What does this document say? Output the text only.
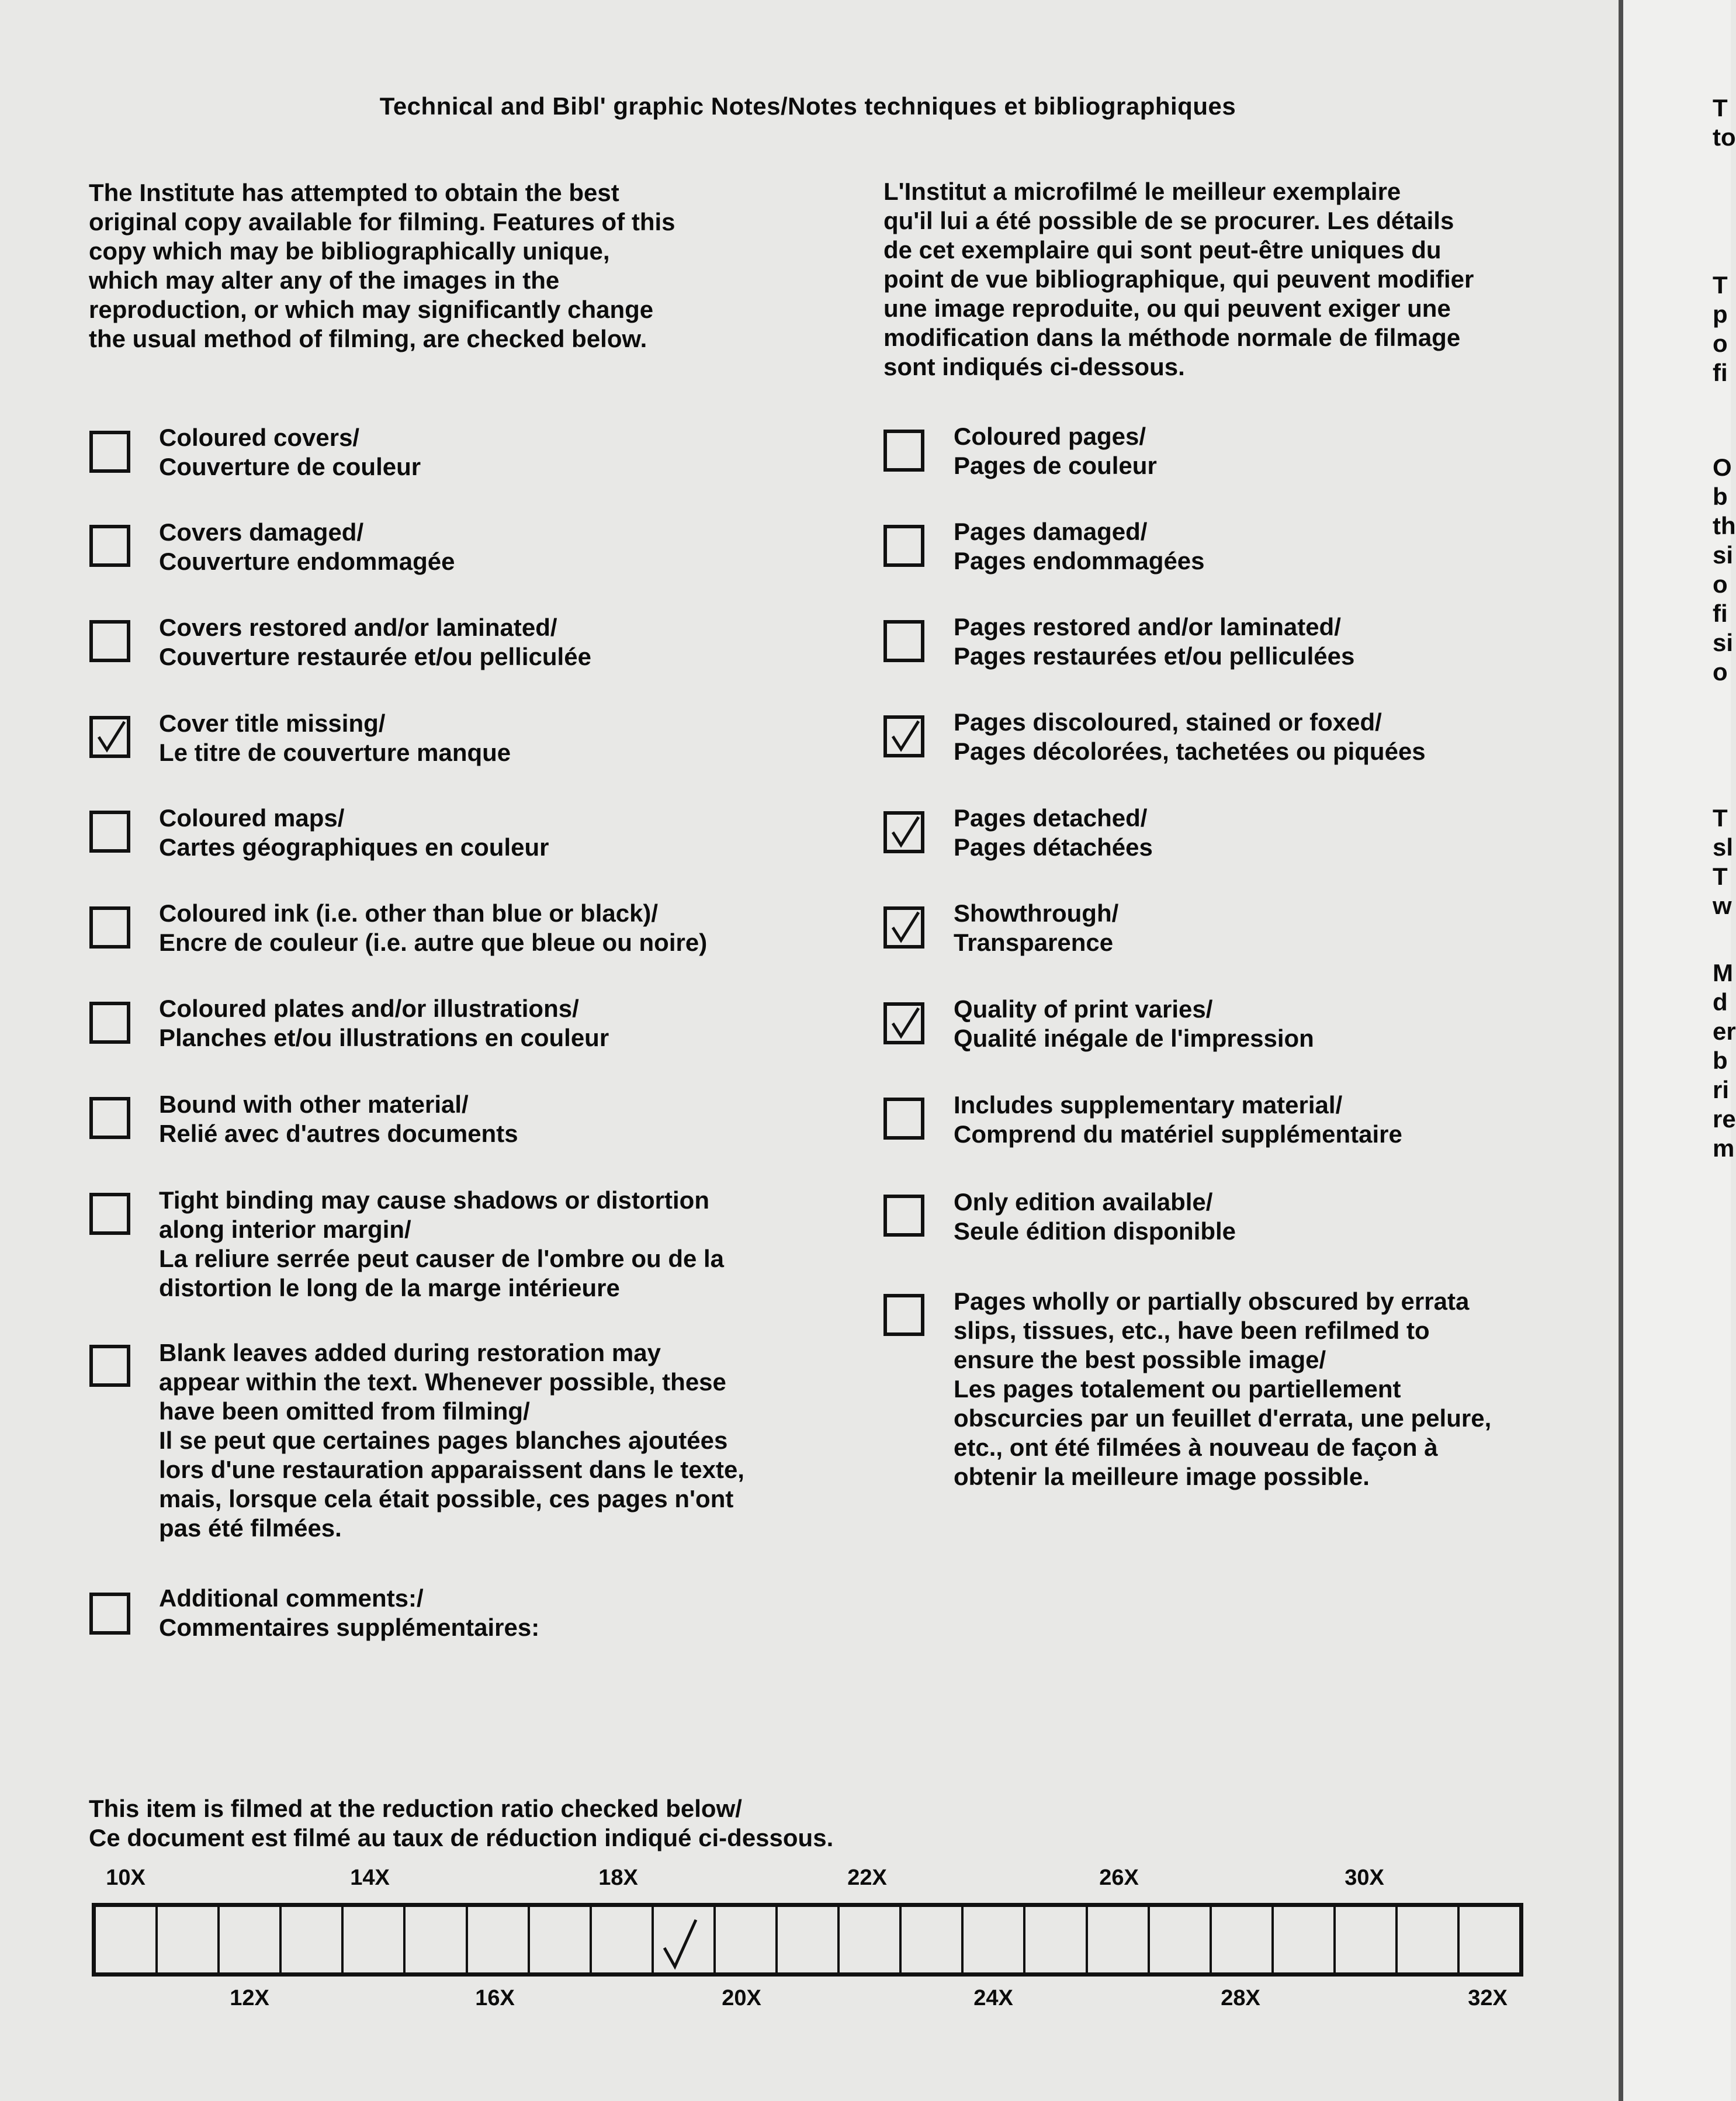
Technical and Bibl' graphic Notes/Notes techniques et bibliographiques
The Institute has attempted to obtain the best
original copy available for filming. Features of this
copy which may be bibliographically unique,
which may alter any of the images in the
reproduction, or which may significantly change
the usual method of filming, are checked below.
L'Institut a microfilmé le meilleur exemplaire
qu'il lui a été possible de se procurer. Les détails
de cet exemplaire qui sont peut-être uniques du
point de vue bibliographique, qui peuvent modifier
une image reproduite, ou qui peuvent exiger une
modification dans la méthode normale de filmage
sont indiqués ci-dessous.
Coloured covers/
Couverture de couleur
Covers damaged/
Couverture endommagée
Covers restored and/or laminated/
Couverture restaurée et/ou pelliculée
Cover title missing/
Le titre de couverture manque
Coloured maps/
Cartes géographiques en couleur
Coloured ink (i.e. other than blue or black)/
Encre de couleur (i.e. autre que bleue ou noire)
Coloured plates and/or illustrations/
Planches et/ou illustrations en couleur
Bound with other material/
Relié avec d'autres documents
Tight binding may cause shadows or distortion
along interior margin/
La reliure serrée peut causer de l'ombre ou de la
distortion le long de la marge intérieure
Blank leaves added during restoration may
appear within the text. Whenever possible, these
have been omitted from filming/
Il se peut que certaines pages blanches ajoutées
lors d'une restauration apparaissent dans le texte,
mais, lorsque cela était possible, ces pages n'ont
pas été filmées.
Additional comments:/
Commentaires supplémentaires:
Coloured pages/
Pages de couleur
Pages damaged/
Pages endommagées
Pages restored and/or laminated/
Pages restaurées et/ou pelliculées
Pages discoloured, stained or foxed/
Pages décolorées, tachetées ou piquées
Pages detached/
Pages détachées
Showthrough/
Transparence
Quality of print varies/
Qualité inégale de l'impression
Includes supplementary material/
Comprend du matériel supplémentaire
Only edition available/
Seule édition disponible
Pages wholly or partially obscured by errata
slips, tissues, etc., have been refilmed to
ensure the best possible image/
Les pages totalement ou partiellement
obscurcies par un feuillet d'errata, une pelure,
etc., ont été filmées à nouveau de façon à
obtenir la meilleure image possible.
This item is filmed at the reduction ratio checked below/
Ce document est filmé au taux de réduction indiqué ci-dessous.
10X	14X	18X	22X	26X	30X
12X	16X	20X	24X	28X	32X
T
to
T
p
o
fi
O
b
th
si
o
fi
si
o
T
sl
T
w
M
d
er
b
ri
re
m
